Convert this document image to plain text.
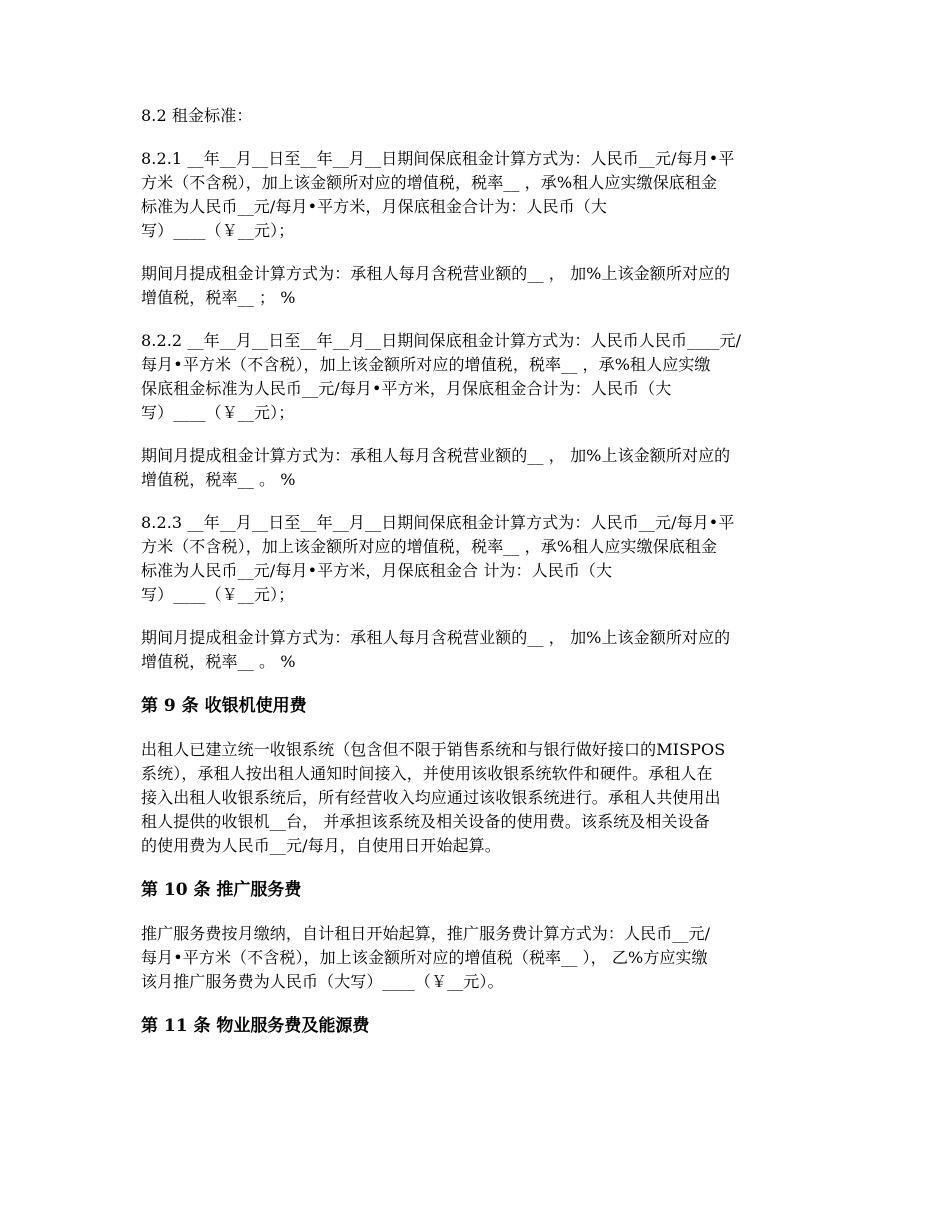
8.2 租金标准：

8.2.1 __年__月__日至__年__月__日期间保底租金计算方式为：人民币__元/每月•平
方米（不含税），加上该金额所对应的增值税，税率__ ，承%租人应实缴保底租金
标准为人民币__元/每月•平方米，月保底租金合计为：人民币（大
写）____（￥__元）；

期间月提成租金计算方式为：承租人每月含税营业额的__ ， 加%上该金额所对应的
增值税，税率__ ； %

8.2.2 __年__月__日至__年__月__日期间保底租金计算方式为：人民币人民币____元/
每月•平方米（不含税），加上该金额所对应的增值税，税率__ ，承%租人应实缴
保底租金标准为人民币__元/每月•平方米，月保底租金合计为：人民币（大
写）____（￥__元）；

期间月提成租金计算方式为：承租人每月含税营业额的__ ， 加%上该金额所对应的
增值税，税率__ 。 %

8.2.3 __年__月__日至__年__月__日期间保底租金计算方式为：人民币__元/每月•平
方米（不含税），加上该金额所对应的增值税，税率__ ，承%租人应实缴保底租金
标准为人民币__元/每月•平方米，月保底租金合 计为：人民币（大
写）____（￥__元）；

期间月提成租金计算方式为：承租人每月含税营业额的__ ， 加%上该金额所对应的
增值税，税率__ 。 %

第 9 条 收银机使用费

出租人已建立统一收银系统（包含但不限于销售系统和与银行做好接口的MISPOS
系统），承租人按出租人通知时间接入，并使用该收银系统软件和硬件。承租人在
接入出租人收银系统后，所有经营收入均应通过该收银系统进行。承租人共使用出
租人提供的收银机__台， 并承担该系统及相关设备的使用费。该系统及相关设备
的使用费为人民币__元/每月，自使用日开始起算。

第 10 条 推广服务费

推广服务费按月缴纳，自计租日开始起算，推广服务费计算方式为：人民币__元/
每月•平方米（不含税），加上该金额所对应的增值税（税率__ ）， 乙%方应实缴
该月推广服务费为人民币（大写）____（￥__元）。

第 11 条 物业服务费及能源费
